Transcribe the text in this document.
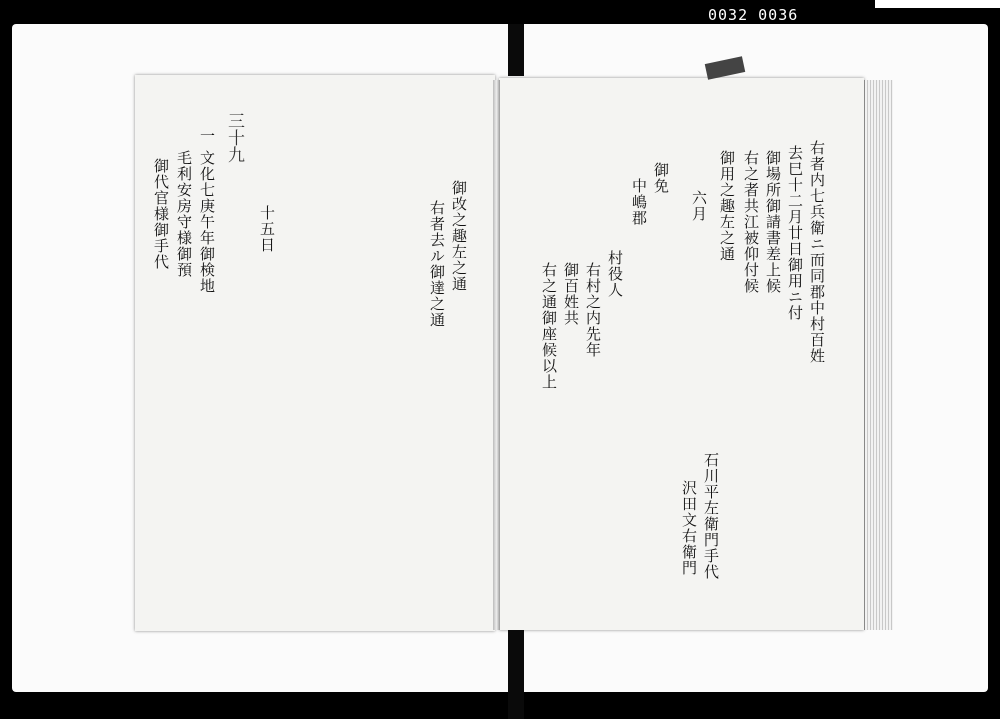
0032 0036
三十九
一 文化七庚午年御検地
毛利安房守様御預
御代官様御手代	十五日	御改之趣左之通
右者去ル御達之通	右者内七兵衛ニ而同郡中村百姓
去巳十二月廿日御用ニ付
御場所御請書差上候
右之者共江被仰付候
御用之趣左之通
六月
御免
中嶋郡
村役人
右村之内先年
御百姓共
右之通御座候以上
石川平左衛門手代
沢田文右衛門
